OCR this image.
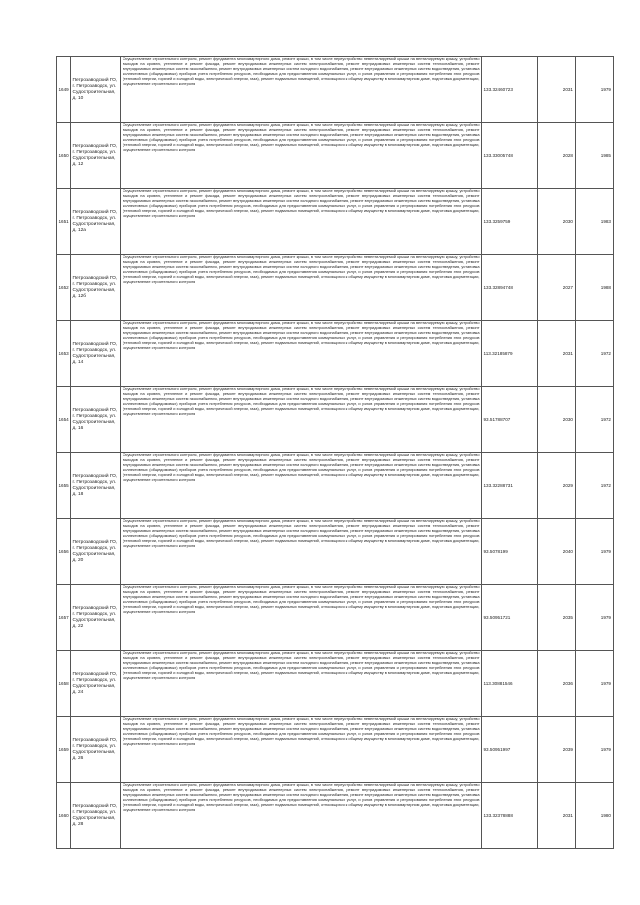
1649	Петрозаводский ГО, г. Петрозаводск, ул. Судостроительная, д. 10	Осуществление строительного контроля, ремонт фундамента многоквартирного дома, ремонт крыши, в том числе переустройство невентилируемой крыши на вентилируемую крышу, устройство выходов на кровлю, утепление и ремонт фасада, ремонт внутридомовых инженерных систем электроснабжения, ремонт внутридомовых инженерных систем теплоснабжения, ремонт внутридомовых инженерных систем газоснабжения, ремонт внутридомовых инженерных систем холодного водоснабжения, ремонт внутридомовых инженерных систем водоотведения, установка коллективных (общедомовых) приборов учета потребления ресурсов, необходимых для предоставления коммунальных услуг, и узлов управления и регулирования потребления этих ресурсов (тепловой энергии, горячей и холодной воды, электрической энергии, газа), ремонт подвальных помещений, относящихся к общему имуществу в многоквартирном доме, подготовка документации, осуществление строительного контроля	133.32460723	2031	1979
1650	Петрозаводский ГО, г. Петрозаводск, ул. Судостроительная, д. 12	Осуществление строительного контроля, ремонт фундамента многоквартирного дома, ремонт крыши, в том числе переустройство невентилируемой крыши на вентилируемую крышу, устройство выходов на кровлю, утепление и ремонт фасада, ремонт внутридомовых инженерных систем электроснабжения, ремонт внутридомовых инженерных систем теплоснабжения, ремонт внутридомовых инженерных систем газоснабжения, ремонт внутридомовых инженерных систем холодного водоснабжения, ремонт внутридомовых инженерных систем водоотведения, установка коллективных (общедомовых) приборов учета потребления ресурсов, необходимых для предоставления коммунальных услуг, и узлов управления и регулирования потребления этих ресурсов (тепловой энергии, горячей и холодной воды, электрической энергии, газа), ремонт подвальных помещений, относящихся к общему имуществу в многоквартирном доме, подготовка документации, осуществление строительного контроля	133.33005748	2028	1985
1651	Петрозаводский ГО, г. Петрозаводск, ул. Судостроительная, д. 12а	Осуществление строительного контроля, ремонт фундамента многоквартирного дома, ремонт крыши, в том числе переустройство невентилируемой крыши на вентилируемую крышу, устройство выходов на кровлю, утепление и ремонт фасада, ремонт внутридомовых инженерных систем электроснабжения, ремонт внутридомовых инженерных систем теплоснабжения, ремонт внутридомовых инженерных систем газоснабжения, ремонт внутридомовых инженерных систем холодного водоснабжения, ремонт внутридомовых инженерных систем водоотведения, установка коллективных (общедомовых) приборов учета потребления ресурсов, необходимых для предоставления коммунальных услуг, и узлов управления и регулирования потребления этих ресурсов (тепловой энергии, горячей и холодной воды, электрической энергии, газа), ремонт подвальных помещений, относящихся к общему имуществу в многоквартирном доме, подготовка документации, осуществление строительного контроля	133.3259759	2030	1983
1652	Петрозаводский ГО, г. Петрозаводск, ул. Судостроительная, д. 12б	Осуществление строительного контроля, ремонт фундамента многоквартирного дома, ремонт крыши, в том числе переустройство невентилируемой крыши на вентилируемую крышу, устройство выходов на кровлю, утепление и ремонт фасада, ремонт внутридомовых инженерных систем электроснабжения, ремонт внутридомовых инженерных систем теплоснабжения, ремонт внутридомовых инженерных систем газоснабжения, ремонт внутридомовых инженерных систем холодного водоснабжения, ремонт внутридомовых инженерных систем водоотведения, установка коллективных (общедомовых) приборов учета потребления ресурсов, необходимых для предоставления коммунальных услуг, и узлов управления и регулирования потребления этих ресурсов (тепловой энергии, горячей и холодной воды, электрической энергии, газа), ремонт подвальных помещений, относящихся к общему имуществу в многоквартирном доме, подготовка документации, осуществление строительного контроля	133.32894748	2027	1988
1653	Петрозаводский ГО, г. Петрозаводск, ул. Судостроительная, д. 14	Осуществление строительного контроля, ремонт фундамента многоквартирного дома, ремонт крыши, в том числе переустройство невентилируемой крыши на вентилируемую крышу, устройство выходов на кровлю, утепление и ремонт фасада, ремонт внутридомовых инженерных систем электроснабжения, ремонт внутридомовых инженерных систем теплоснабжения, ремонт внутридомовых инженерных систем газоснабжения, ремонт внутридомовых инженерных систем холодного водоснабжения, ремонт внутридомовых инженерных систем водоотведения, установка коллективных (общедомовых) приборов учета потребления ресурсов, необходимых для предоставления коммунальных услуг, и узлов управления и регулирования потребления этих ресурсов (тепловой энергии, горячей и холодной воды, электрической энергии, газа), ремонт подвальных помещений, относящихся к общему имуществу в многоквартирном доме, подготовка документации, осуществление строительного контроля	113.32185879	2031	1972
1654	Петрозаводский ГО, г. Петрозаводск, ул. Судостроительная, д. 16	Осуществление строительного контроля, ремонт фундамента многоквартирного дома, ремонт крыши, в том числе переустройство невентилируемой крыши на вентилируемую крышу, устройство выходов на кровлю, утепление и ремонт фасада, ремонт внутридомовых инженерных систем электроснабжения, ремонт внутридомовых инженерных систем теплоснабжения, ремонт внутридомовых инженерных систем газоснабжения, ремонт внутридомовых инженерных систем холодного водоснабжения, ремонт внутридомовых инженерных систем водоотведения, установка коллективных (общедомовых) приборов учета потребления ресурсов, необходимых для предоставления коммунальных услуг, и узлов управления и регулирования потребления этих ресурсов (тепловой энергии, горячей и холодной воды, электрической энергии, газа), ремонт подвальных помещений, относящихся к общему имуществу в многоквартирном доме, подготовка документации, осуществление строительного контроля	93.51788707	2030	1972
1655	Петрозаводский ГО, г. Петрозаводск, ул. Судостроительная, д. 18	Осуществление строительного контроля, ремонт фундамента многоквартирного дома, ремонт крыши, в том числе переустройство невентилируемой крыши на вентилируемую крышу, устройство выходов на кровлю, утепление и ремонт фасада, ремонт внутридомовых инженерных систем электроснабжения, ремонт внутридомовых инженерных систем теплоснабжения, ремонт внутридомовых инженерных систем газоснабжения, ремонт внутридомовых инженерных систем холодного водоснабжения, ремонт внутридомовых инженерных систем водоотведения, установка коллективных (общедомовых) приборов учета потребления ресурсов, необходимых для предоставления коммунальных услуг, и узлов управления и регулирования потребления этих ресурсов (тепловой энергии, горячей и холодной воды, электрической энергии, газа), ремонт подвальных помещений, относящихся к общему имуществу в многоквартирном доме, подготовка документации, осуществление строительного контроля	133.32288731	2029	1972
1656	Петрозаводский ГО, г. Петрозаводск, ул. Судостроительная, д. 20	Осуществление строительного контроля, ремонт фундамента многоквартирного дома, ремонт крыши, в том числе переустройство невентилируемой крыши на вентилируемую крышу, устройство выходов на кровлю, утепление и ремонт фасада, ремонт внутридомовых инженерных систем электроснабжения, ремонт внутридомовых инженерных систем теплоснабжения, ремонт внутридомовых инженерных систем газоснабжения, ремонт внутридомовых инженерных систем холодного водоснабжения, ремонт внутридомовых инженерных систем водоотведения, установка коллективных (общедомовых) приборов учета потребления ресурсов, необходимых для предоставления коммунальных услуг, и узлов управления и регулирования потребления этих ресурсов (тепловой энергии, горячей и холодной воды, электрической энергии, газа), ремонт подвальных помещений, относящихся к общему имуществу в многоквартирном доме, подготовка документации, осуществление строительного контроля	93.5078199	2040	1979
1657	Петрозаводский ГО, г. Петрозаводск, ул. Судостроительная, д. 22	Осуществление строительного контроля, ремонт фундамента многоквартирного дома, ремонт крыши, в том числе переустройство невентилируемой крыши на вентилируемую крышу, устройство выходов на кровлю, утепление и ремонт фасада, ремонт внутридомовых инженерных систем электроснабжения, ремонт внутридомовых инженерных систем теплоснабжения, ремонт внутридомовых инженерных систем газоснабжения, ремонт внутридомовых инженерных систем холодного водоснабжения, ремонт внутридомовых инженерных систем водоотведения, установка коллективных (общедомовых) приборов учета потребления ресурсов, необходимых для предоставления коммунальных услуг, и узлов управления и регулирования потребления этих ресурсов (тепловой энергии, горячей и холодной воды, электрической энергии, газа), ремонт подвальных помещений, относящихся к общему имуществу в многоквартирном доме, подготовка документации, осуществление строительного контроля	93.50951721	2035	1979
1658	Петрозаводский ГО, г. Петрозаводск, ул. Судостроительная, д. 24	Осуществление строительного контроля, ремонт фундамента многоквартирного дома, ремонт крыши, в том числе переустройство невентилируемой крыши на вентилируемую крышу, устройство выходов на кровлю, утепление и ремонт фасада, ремонт внутридомовых инженерных систем электроснабжения, ремонт внутридомовых инженерных систем теплоснабжения, ремонт внутридомовых инженерных систем газоснабжения, ремонт внутридомовых инженерных систем холодного водоснабжения, ремонт внутридомовых инженерных систем водоотведения, установка коллективных (общедомовых) приборов учета потребления ресурсов, необходимых для предоставления коммунальных услуг, и узлов управления и регулирования потребления этих ресурсов (тепловой энергии, горячей и холодной воды, электрической энергии, газа), ремонт подвальных помещений, относящихся к общему имуществу в многоквартирном доме, подготовка документации, осуществление строительного контроля	113.30881546	2036	1979
1659	Петрозаводский ГО, г. Петрозаводск, ул. Судостроительная, д. 26	Осуществление строительного контроля, ремонт фундамента многоквартирного дома, ремонт крыши, в том числе переустройство невентилируемой крыши на вентилируемую крышу, устройство выходов на кровлю, утепление и ремонт фасада, ремонт внутридомовых инженерных систем электроснабжения, ремонт внутридомовых инженерных систем теплоснабжения, ремонт внутридомовых инженерных систем газоснабжения, ремонт внутридомовых инженерных систем холодного водоснабжения, ремонт внутридомовых инженерных систем водоотведения, установка коллективных (общедомовых) приборов учета потребления ресурсов, необходимых для предоставления коммунальных услуг, и узлов управления и регулирования потребления этих ресурсов (тепловой энергии, горячей и холодной воды, электрической энергии, газа), ремонт подвальных помещений, относящихся к общему имуществу в многоквартирном доме, подготовка документации, осуществление строительного контроля	93.50951997	2039	1979
1660	Петрозаводский ГО, г. Петрозаводск, ул. Судостроительная, д. 28	Осуществление строительного контроля, ремонт фундамента многоквартирного дома, ремонт крыши, в том числе переустройство невентилируемой крыши на вентилируемую крышу, устройство выходов на кровлю, утепление и ремонт фасада, ремонт внутридомовых инженерных систем электроснабжения, ремонт внутридомовых инженерных систем теплоснабжения, ремонт внутридомовых инженерных систем газоснабжения, ремонт внутридомовых инженерных систем холодного водоснабжения, ремонт внутридомовых инженерных систем водоотведения, установка коллективных (общедомовых) приборов учета потребления ресурсов, необходимых для предоставления коммунальных услуг, и узлов управления и регулирования потребления этих ресурсов (тепловой энергии, горячей и холодной воды, электрической энергии, газа), ремонт подвальных помещений, относящихся к общему имуществу в многоквартирном доме, подготовка документации, осуществление строительного контроля	133.32378888	2031	1980
